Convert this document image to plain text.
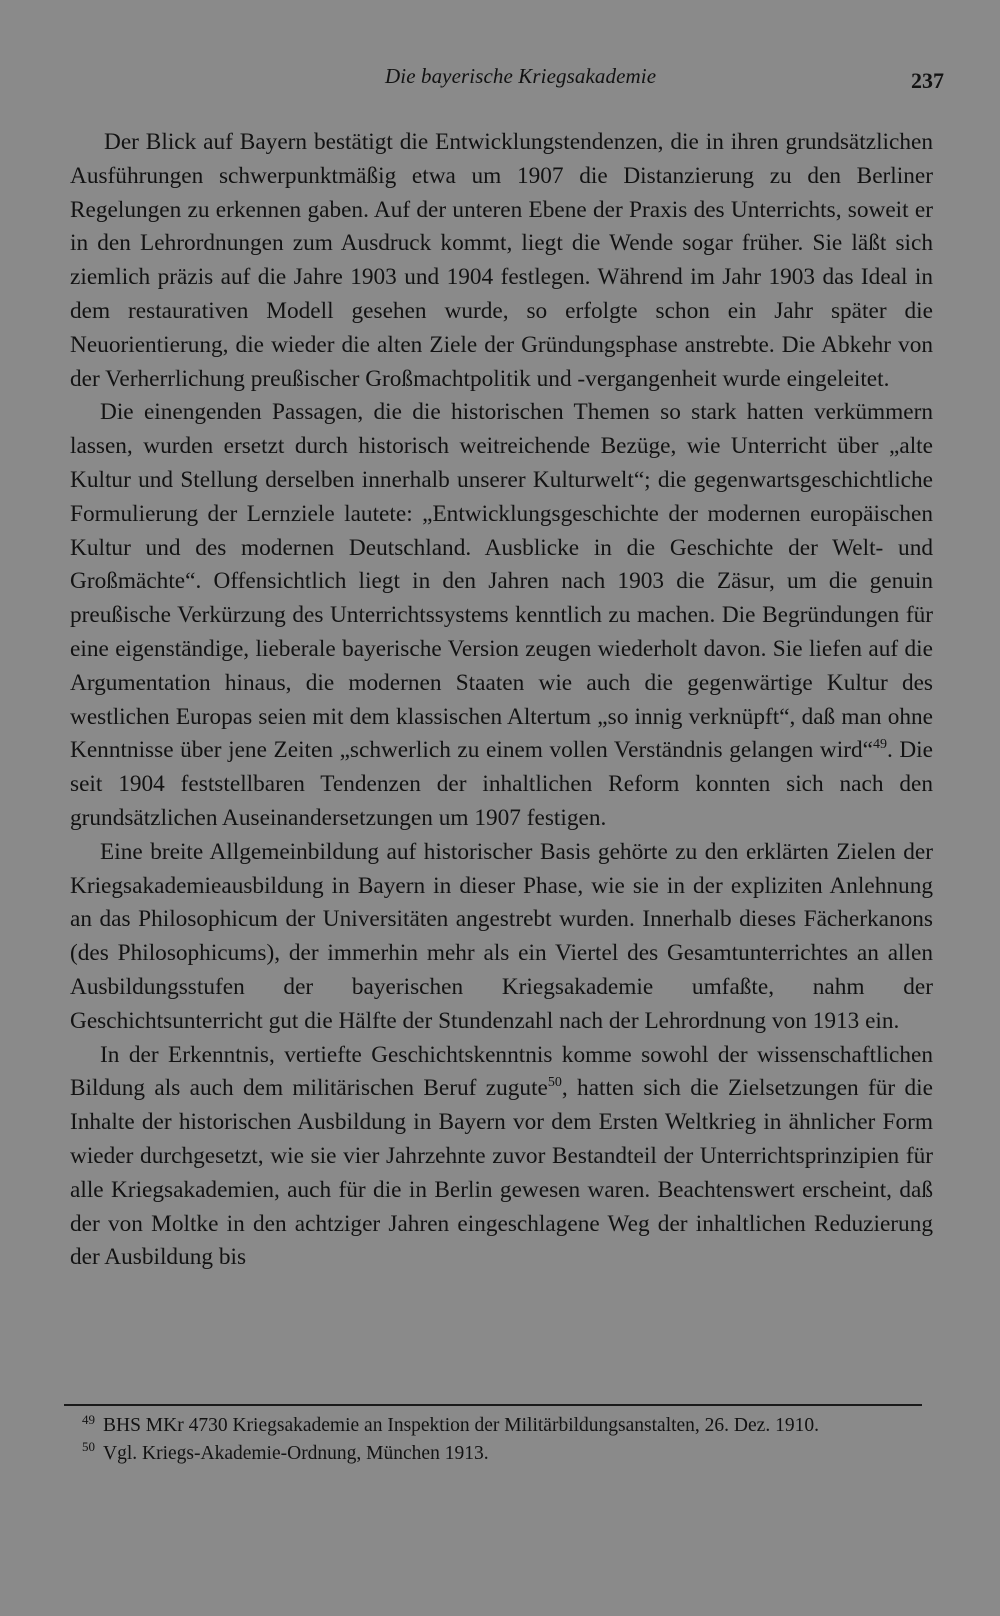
Die bayerische Kriegsakademie	237

Der Blick auf Bayern bestätigt die Entwicklungstendenzen, die in ihren grundsätzlichen Ausführungen schwerpunktmäßig etwa um 1907 die Distanzierung zu den Berliner Regelungen zu erkennen gaben. Auf der unteren Ebene der Praxis des Unterrichts, soweit er in den Lehrordnungen zum Ausdruck kommt, liegt die Wende sogar früher. Sie läßt sich ziemlich präzis auf die Jahre 1903 und 1904 festlegen. Während im Jahr 1903 das Ideal in dem restaurativen Modell gesehen wurde, so erfolgte schon ein Jahr später die Neuorientierung, die wieder die alten Ziele der Gründungsphase anstrebte. Die Abkehr von der Verherrlichung preußischer Großmachtpolitik und -vergangenheit wurde eingeleitet.

Die einengenden Passagen, die die historischen Themen so stark hatten verkümmern lassen, wurden ersetzt durch historisch weitreichende Bezüge, wie Unterricht über „alte Kultur und Stellung derselben innerhalb unserer Kulturwelt“; die gegenwartsgeschichtliche Formulierung der Lernziele lautete: „Entwicklungsgeschichte der modernen europäischen Kultur und des modernen Deutschland. Ausblicke in die Geschichte der Welt- und Großmächte“. Offensichtlich liegt in den Jahren nach 1903 die Zäsur, um die genuin preußische Verkürzung des Unterrichtssystems kenntlich zu machen. Die Begründungen für eine eigenständige, lieberale bayerische Version zeugen wiederholt davon. Sie liefen auf die Argumentation hinaus, die modernen Staaten wie auch die gegenwärtige Kultur des westlichen Europas seien mit dem klassischen Altertum „so innig verknüpft“, daß man ohne Kenntnisse über jene Zeiten „schwerlich zu einem vollen Verständnis gelangen wird“$^{49}$. Die seit 1904 feststellbaren Tendenzen der inhaltlichen Reform konnten sich nach den grundsätzlichen Auseinandersetzungen um 1907 festigen.

Eine breite Allgemeinbildung auf historischer Basis gehörte zu den erklärten Zielen der Kriegsakademieausbildung in Bayern in dieser Phase, wie sie in der expliziten Anlehnung an das Philosophicum der Universitäten angestrebt wurden. Innerhalb dieses Fächerkanons (des Philosophicums), der immerhin mehr als ein Viertel des Gesamtunterrichtes an allen Ausbildungsstufen der bayerischen Kriegsakademie umfaßte, nahm der Geschichtsunterricht gut die Hälfte der Stundenzahl nach der Lehrordnung von 1913 ein.

In der Erkenntnis, vertiefte Geschichtskenntnis komme sowohl der wissenschaftlichen Bildung als auch dem militärischen Beruf zugute$^{50}$, hatten sich die Zielsetzungen für die Inhalte der historischen Ausbildung in Bayern vor dem Ersten Weltkrieg in ähnlicher Form wieder durchgesetzt, wie sie vier Jahrzehnte zuvor Bestandteil der Unterrichtsprinzipien für alle Kriegsakademien, auch für die in Berlin gewesen waren. Beachtenswert erscheint, daß der von Moltke in den achtziger Jahren eingeschlagene Weg der inhaltlichen Reduzierung der Ausbildung bis

$^{49}$ BHS MKr 4730 Kriegsakademie an Inspektion der Militärbildungsanstalten, 26. Dez. 1910.

$^{50}$ Vgl. Kriegs-Akademie-Ordnung, München 1913.
